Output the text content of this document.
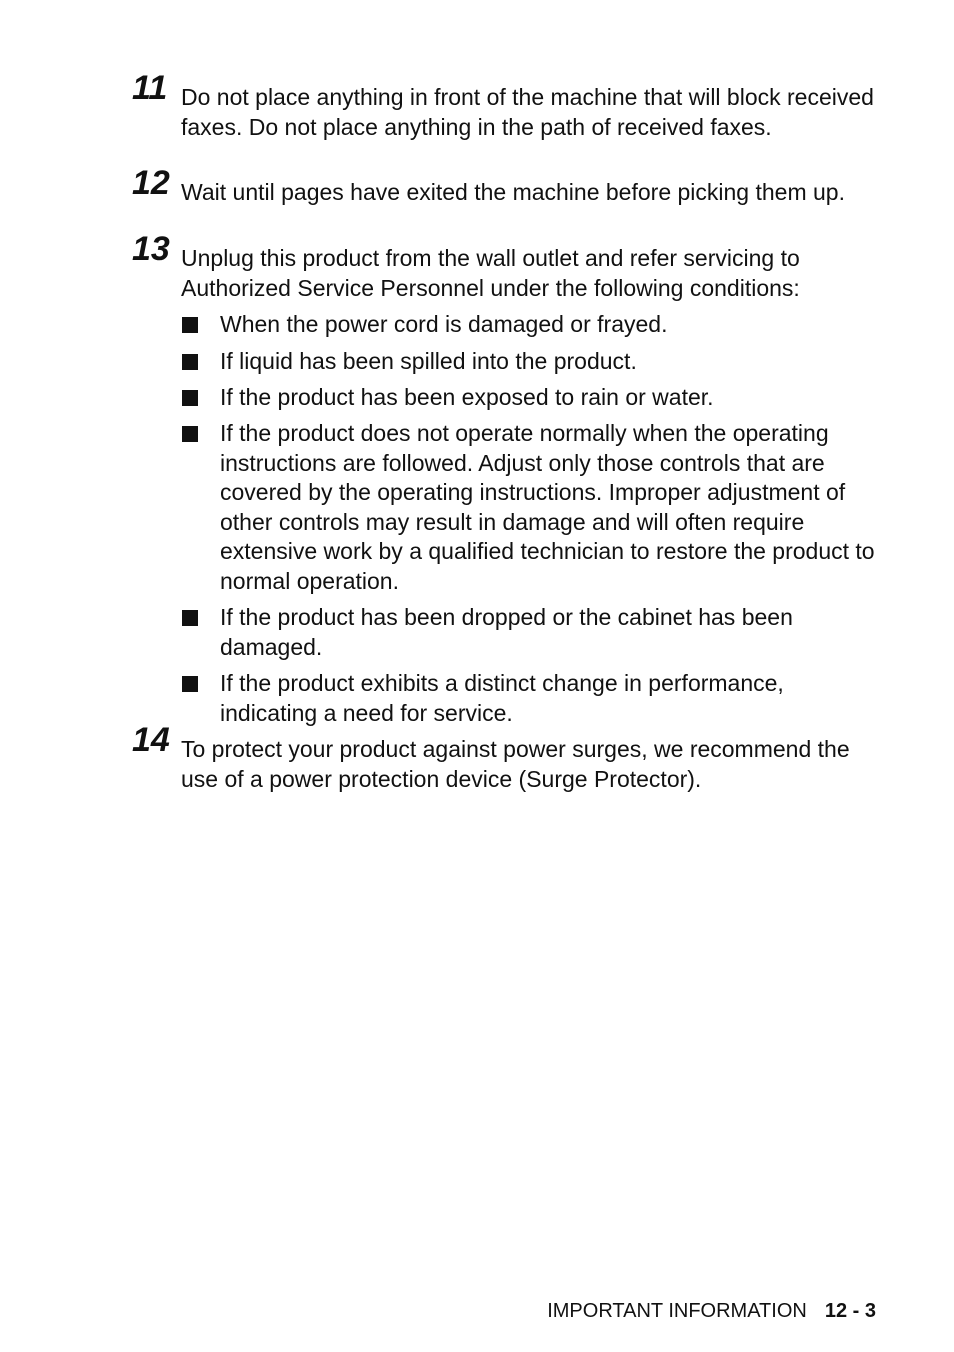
11 Do not place anything in front of the machine that will block received faxes. Do not place anything in the path of received faxes.
12 Wait until pages have exited the machine before picking them up.
13 Unplug this product from the wall outlet and refer servicing to Authorized Service Personnel under the following conditions:
When the power cord is damaged or frayed.
If liquid has been spilled into the product.
If the product has been exposed to rain or water.
If the product does not operate normally when the operating instructions are followed. Adjust only those controls that are covered by the operating instructions. Improper adjustment of other controls may result in damage and will often require extensive work by a qualified technician to restore the product to normal operation.
If the product has been dropped or the cabinet has been damaged.
If the product exhibits a distinct change in performance, indicating a need for service.
14 To protect your product against power surges, we recommend the use of a power protection device (Surge Protector).
IMPORTANT INFORMATION 12 - 3
